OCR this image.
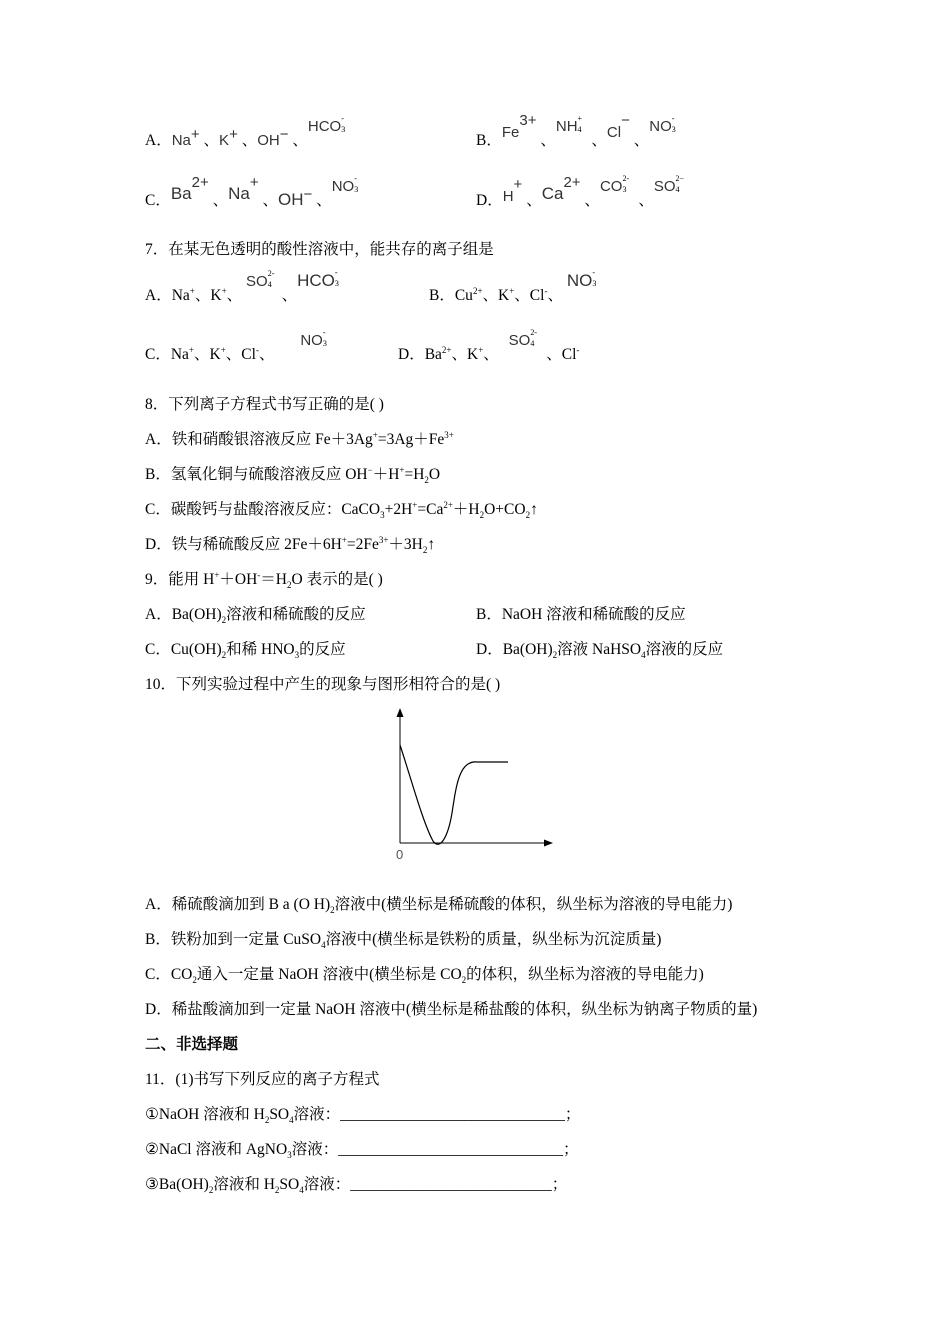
A．Na+ 、K+ 、OH− 、HCO -
3
B．$Fe^{3+}$ 、NH +
4
、Cl− 、NO -
3
C．$Ba^{2+}$ 、Na+ 、OH− 、NO -
3
D．H+ 、$Ca^{2+}$ 、CO 2-
3
、SO 2−
4
7．在某无色透明的酸性溶液中，能共存的离子组是
A．Na+、K+、 SO 2-
4
、HCO -
3
B．$Cu^{2+}$、K+、Cl-、 NO -
3
C．Na+、K+、Cl-、 NO -
3
D．$Ba^{2+}$、K+、 SO 2-
4
、Cl-
8．下列离子方程式书写正确的是( )
A．铁和硝酸银溶液反应 $Fe+3Ag^+=3Ag+Fe^{3+}$
B．氢氧化铜与硫酸溶液反应 $OH^-+H^+=H_2O$
C．碳酸钙与盐酸溶液反应：$CaCO_3+2H^+=Ca^{2+}+H_2O+CO_2↑$
D．铁与稀硫酸反应 $2Fe+6H^+=2Fe^{3+}+3H_2↑$
9．能用 $H^++OH^-=H_2O$ 表示的是( )
A．$Ba(OH)_2$溶液和稀硫酸的反应	B．NaOH 溶液和稀硫酸的反应
C．$Cu(OH)_2$和稀 $HNO_3$的反应	D．$Ba(OH)_2$溶液 NaHSO$_4$溶液的反应
10．下列实验过程中产生的现象与图形相符合的是( )
0
A．稀硫酸滴加到 B a (O $H)_2$溶液中(横坐标是稀硫酸的体积，纵坐标为溶液的导电能力)
B．铁粉加到一定量 CuSO$_4$溶液中(横坐标是铁粉的质量，纵坐标为沉淀质量)
C．$CO_2$通入一定量 NaOH 溶液中(横坐标是 $CO_2$的体积，纵坐标为溶液的导电能力)
D．稀盐酸滴加到一定量 NaOH 溶液中(横坐标是稀盐酸的体积，纵坐标为钠离子物质的量)
二、非选择题
11．(1)书写下列反应的离子方程式
①NaOH 溶液和 $H_2SO_4$溶液：_____________________________；
②NaCl 溶液和 AgNO$_3$溶液：_____________________________；
$③Ba(OH)_2$溶液和 $H_2SO_4$溶液：__________________________；
